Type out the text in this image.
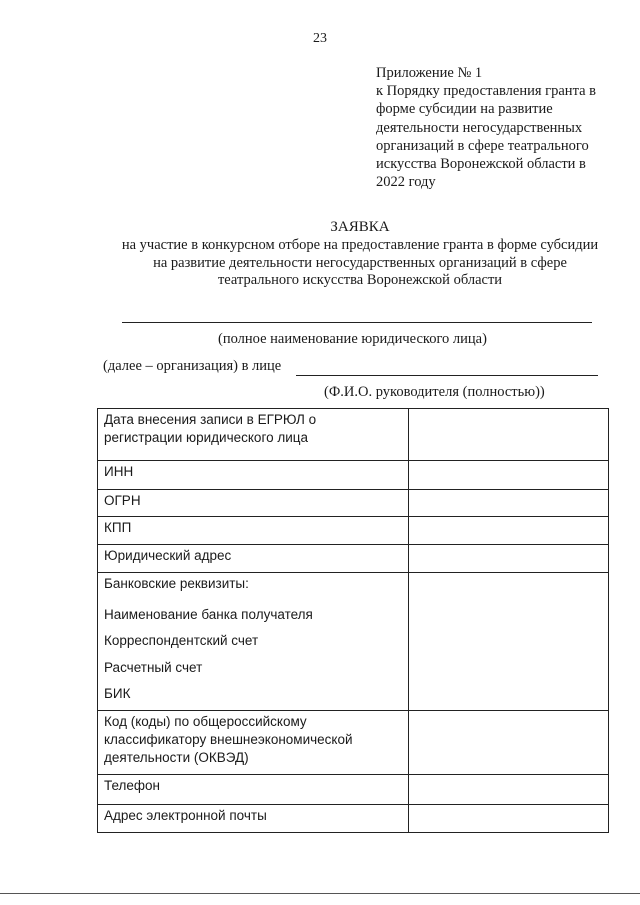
23
Приложение № 1
к Порядку предоставления гранта в
форме субсидии на развитие
деятельности негосударственных
организаций в сфере театрального
искусства Воронежской области в
2022 году
ЗАЯВКА
на участие в конкурсном отборе на предоставление гранта в форме субсидии
на развитие деятельности негосударственных организаций в сфере
театрального искусства Воронежской области
(полное наименование юридического лица)
(далее – организация) в лице
(Ф.И.О. руководителя (полностью))
Дата внесения записи в ЕГРЮЛ о
регистрации юридического лица	

ИНН	
ОГРН	
КПП	
Юридический адрес	

Банковские реквизиты:
Наименование банка получателя
Корреспондентский счет
Расчетный счет
БИК	

Код (коды) по общероссийскому
классификатору внешнеэкономической
деятельности (ОКВЭД)	

Телефон	
Адрес электронной почты	
